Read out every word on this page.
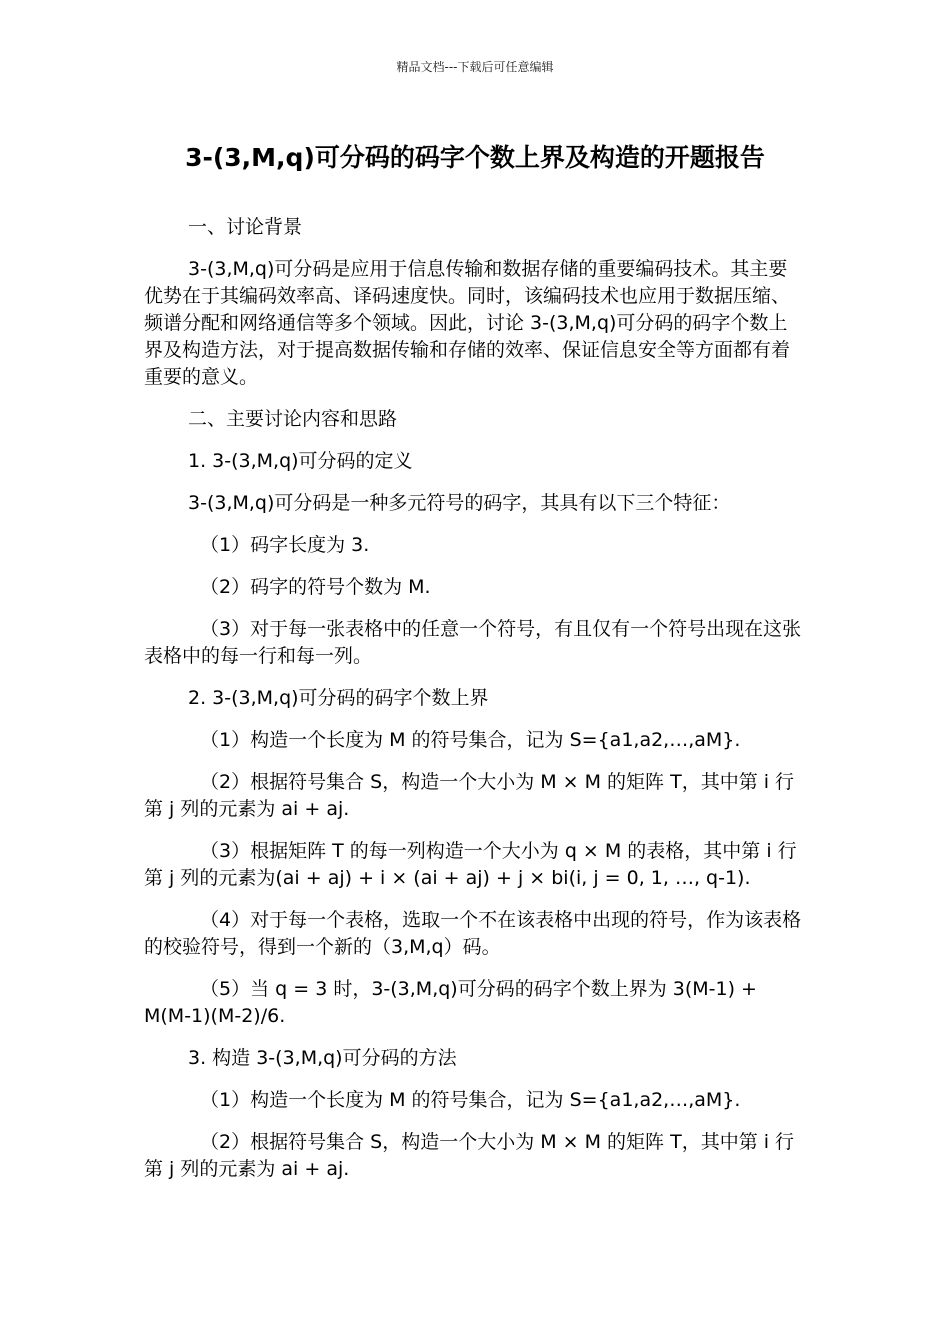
精品文档---下载后可任意编辑
3-(3,M,q)可分码的码字个数上界及构造的开题报告

一、讨论背景

3-(3,M,q)可分码是应用于信息传输和数据存储的重要编码技术。其主要优势在于其编码效率高、译码速度快。同时，该编码技术也应用于数据压缩、频谱分配和网络通信等多个领域。因此，讨论 3-(3,M,q)可分码的码字个数上界及构造方法，对于提高数据传输和存储的效率、保证信息安全等方面都有着重要的意义。

二、主要讨论内容和思路

1. 3-(3,M,q)可分码的定义

3-(3,M,q)可分码是一种多元符号的码字，其具有以下三个特征：

（1）码字长度为 3.

（2）码字的符号个数为 M.

（3）对于每一张表格中的任意一个符号，有且仅有一个符号出现在这张表格中的每一行和每一列。

2. 3-(3,M,q)可分码的码字个数上界

（1）构造一个长度为 M 的符号集合，记为 S={a1,a2,…,aM}.

（2）根据符号集合 S，构造一个大小为 M × M 的矩阵 T，其中第 i 行第 j 列的元素为 ai + aj.

（3）根据矩阵 T 的每一列构造一个大小为 q × M 的表格，其中第 i 行第 j 列的元素为(ai + aj) + i × (ai + aj) + j × bi(i, j = 0, 1, …, q-1).

（4）对于每一个表格，选取一个不在该表格中出现的符号，作为该表格的校验符号，得到一个新的（3,M,q）码。

（5）当 q = 3 时，3-(3,M,q)可分码的码字个数上界为 3(M-1) + M(M-1)(M-2)/6.

3. 构造 3-(3,M,q)可分码的方法

（1）构造一个长度为 M 的符号集合，记为 S={a1,a2,…,aM}.

（2）根据符号集合 S，构造一个大小为 M × M 的矩阵 T，其中第 i 行第 j 列的元素为 ai + aj.
